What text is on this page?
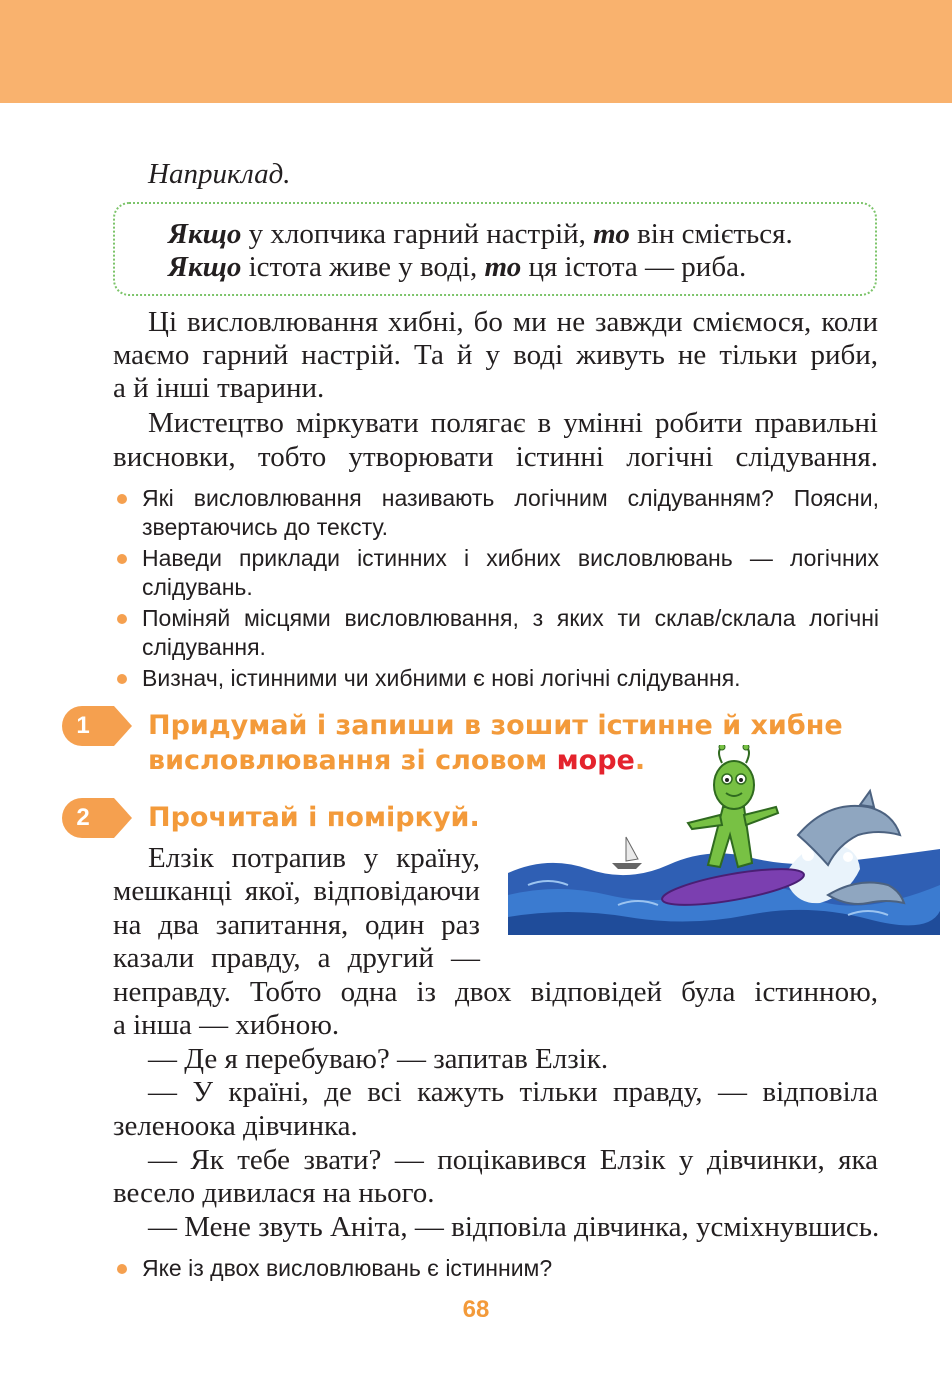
Наприклад.
Якщо у хлопчика гарний настрій, то він сміється.
Якщо істота живе у воді, то ця істота — риба.
Ці висловлювання хибні, бо ми не завжди сміємося, коли
маємо гарний настрій. Та й у воді живуть не тільки риби,
а й інші тварини.
Мистецтво міркувати полягає в умінні робити правильні
висновки, тобто утворювати істинні логічні слідування.
Які висловлювання називають логічним слідуванням? Поясни,
звертаючись до тексту.
Наведи приклади істинних і хибних висловлювань — логічних
слідувань.
Поміняй місцями висловлювання, з яких ти склав/склала логічні
слідування.
Визнач, істинними чи хибними є нові логічні слідування.
1	Придумай і запиши в зошит істинне й хибне
висловлювання зі словом море.
2	Прочитай і поміркуй.
Елзік потрапив у країну,
мешканці якої, відповідаючи
на два запитання, один раз
казали правду, а другий —
неправду. Тобто одна із двох відповідей була істинною,
а інша — хибною.
— Де я перебуваю? — запитав Елзік.
— У країні, де всі кажуть тільки правду, — відповіла
зеленоока дівчинка.
— Як тебе звати? — поцікавився Елзік у дівчинки, яка
весело дивилася на нього.
— Мене звуть Аніта, — відповіла дівчинка, усміхнувшись.
Яке із двох висловлювань є істинним?
68
